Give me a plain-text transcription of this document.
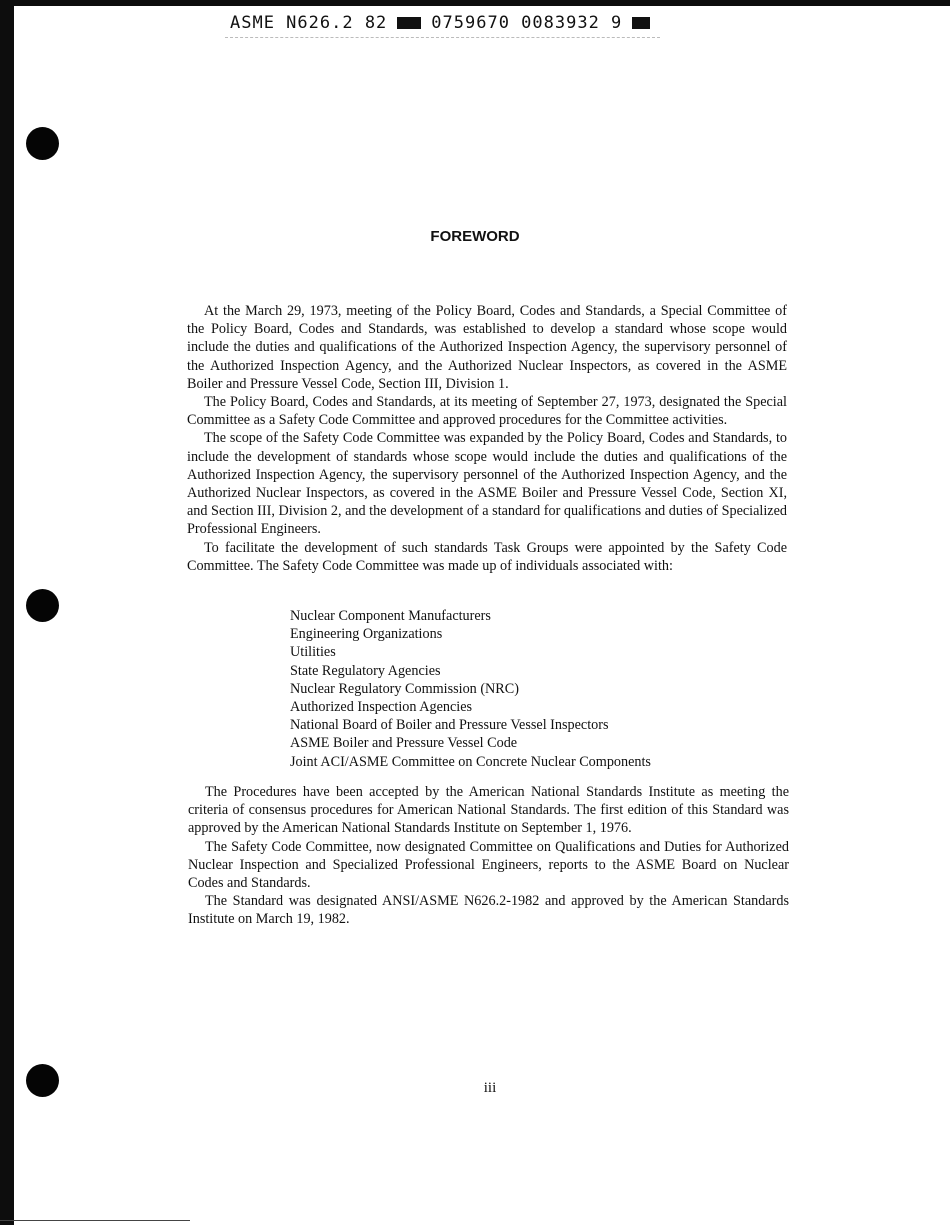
ASME N626.2 82	0759670 0083932 9
FOREWORD

At the March 29, 1973, meeting of the Policy Board, Codes and Standards, a Special Committee of the Policy Board, Codes and Standards, was established to develop a standard whose scope would include the duties and qualifications of the Authorized Inspection Agency, the supervisory personnel of the Authorized Inspection Agency, and the Authorized Nuclear Inspectors, as covered in the ASME Boiler and Pressure Vessel Code, Section III, Division 1.

The Policy Board, Codes and Standards, at its meeting of September 27, 1973, designated the Special Committee as a Safety Code Committee and approved procedures for the Committee activities.

The scope of the Safety Code Committee was expanded by the Policy Board, Codes and Standards, to include the development of standards whose scope would include the duties and qualifications of the Authorized Inspection Agency, the supervisory personnel of the Authorized Inspection Agency, and the Authorized Nuclear Inspectors, as covered in the ASME Boiler and Pressure Vessel Code, Section XI, and Section III, Division 2, and the development of a standard for qualifications and duties of Specialized Professional Engineers.

To facilitate the development of such standards Task Groups were appointed by the Safety Code Committee. The Safety Code Committee was made up of individuals associated with:

Nuclear Component Manufacturers
Engineering Organizations
Utilities
State Regulatory Agencies
Nuclear Regulatory Commission (NRC)
Authorized Inspection Agencies
National Board of Boiler and Pressure Vessel Inspectors
ASME Boiler and Pressure Vessel Code
Joint ACI/ASME Committee on Concrete Nuclear Components

The Procedures have been accepted by the American National Standards Institute as meeting the criteria of consensus procedures for American National Standards. The first edition of this Standard was approved by the American National Standards Institute on September 1, 1976.

The Safety Code Committee, now designated Committee on Qualifications and Duties for Authorized Nuclear Inspection and Specialized Professional Engineers, reports to the ASME Board on Nuclear Codes and Standards.

The Standard was designated ANSI/ASME N626.2-1982 and approved by the American Standards Institute on March 19, 1982.

iii
